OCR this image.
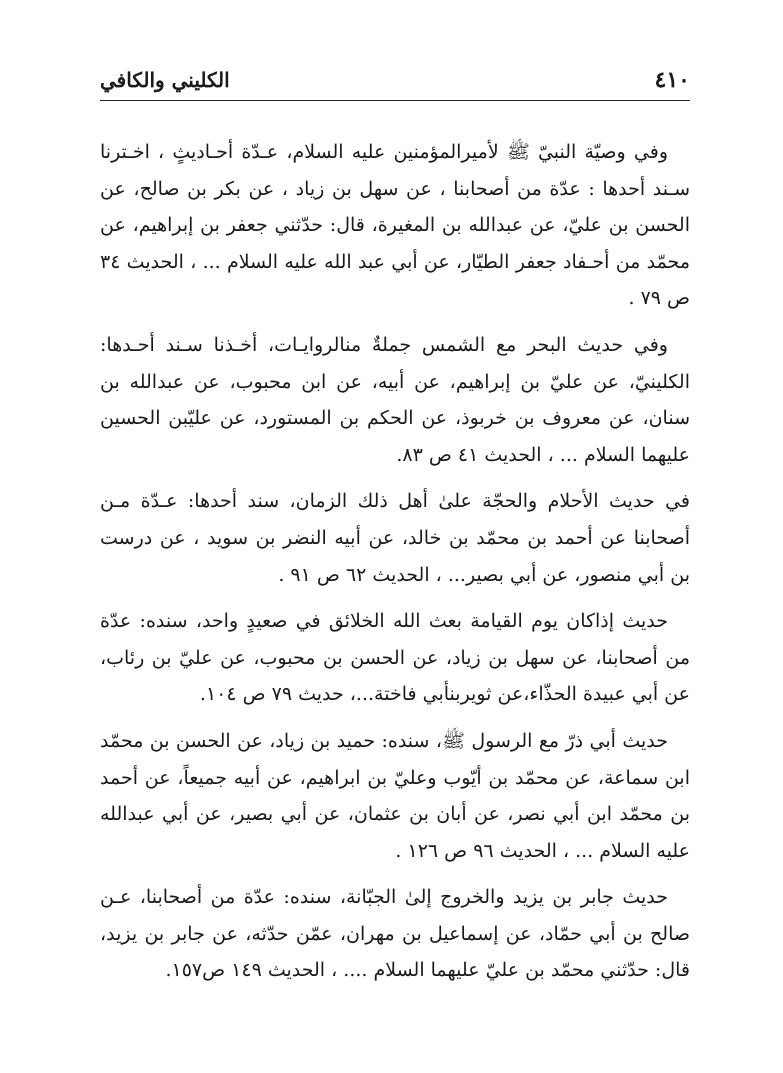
٤١٠
الكليني والكافي

وفي وصيّة النبيّ ﷺ لأميرالمؤمنين عليه السلام، عـدّة أحـاديثٍ ، اخـترنا سـند أحدها : عدّة من أصحابنا ، عن سهل بن زياد ، عن بكر بن صالح، عن الحسن بن عليّ، عن عبدالله بن المغيرة، قال: حدّثني جعفر بن إبراهيم، عن محمّد من أحـفاد جعفر الطيّار، عن أبي عبد الله عليه السلام ... ، الحديث ٣٤ ص ٧٩ .

وفي حديث البحر مع الشمس جملةٌ منالروايـات، أخـذنا سـند أحـدها: الكلينيّ، عن عليّ بن إبراهيم، عن أبيه، عن ابن محبوب، عن عبدالله بن سنان، عن معروف بن خربوذ، عن الحكم بن المستورد، عن عليّبن الحسين عليهما السلام ... ، الحديث ٤١ ص ٨٣.

في حديث الأحلام والحجّة علىٰ أهل ذلك الزمان، سند أحدها: عـدّة مـن أصحابنا عن أحمد بن محمّد بن خالد، عن أبيه النضر بن سويد ، عن درست بن أبي منصور، عن أبي بصير... ، الحديث ٦٢ ص ٩١ .

حديث إذاكان يوم القيامة بعث الله الخلائق في صعيدٍ واحد، سنده: عدّة من أصحابنا، عن سهل بن زياد، عن الحسن بن محبوب، عن عليّ بن رئاب، عن أبي عبيدة الحذّاء،عن ثويربنأبي فاختة...، حديث ٧٩ ص ١٠٤.

حديث أبي ذرّ مع الرسول ﷺ، سنده: حميد بن زياد، عن الحسن بن محمّد ابن سماعة، عن محمّد بن أيّوب وعليّ بن ابراهيم، عن أبيه جميعاً، عن أحمد بن محمّد ابن أبي نصر، عن أبان بن عثمان، عن أبي بصير، عن أبي عبدالله عليه السلام ... ، الحديث ٩٦ ص ١٢٦ .

حديث جابر بن يزيد والخروج إلىٰ الجبّانة، سنده: عدّة من أصحابنا، عـن صالح بن أبي حمّاد، عن إسماعيل بن مهران، عمّن حدّثه، عن جابر بن يزيد، قال: حدّثني محمّد بن عليّ عليهما السلام .... ، الحديث ١٤٩ ص١٥٧.
